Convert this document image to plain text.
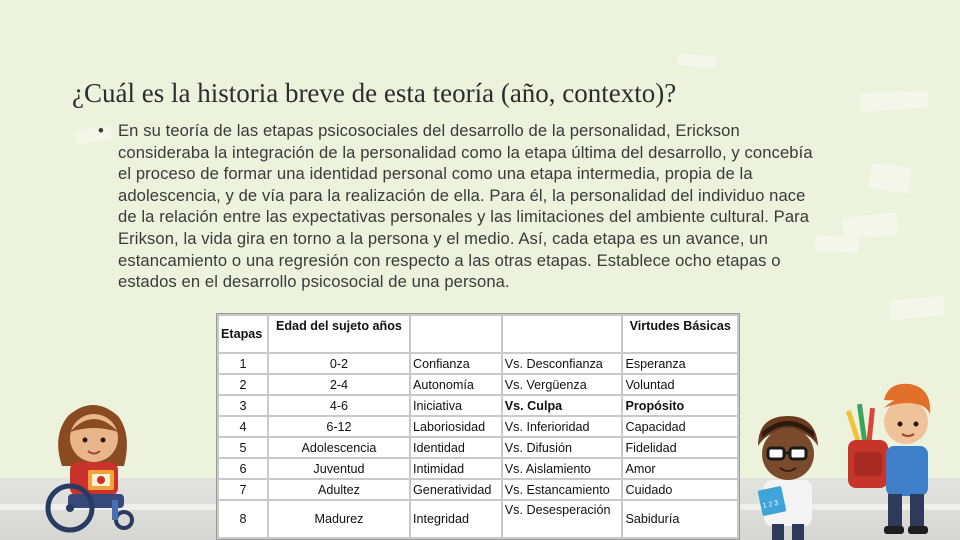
¿Cuál es la historia breve de esta teoría (año, contexto)?
• En su teoría de las etapas psicosociales del desarrollo de la personalidad, Erickson consideraba la integración de la personalidad como la etapa última del desarrollo, y concebía el proceso de formar una identidad personal como una etapa intermedia, propia de la adolescencia, y de vía para la realización de ella. Para él, la personalidad del individuo nace de la relación entre las expectativas personales y las limitaciones del ambiente cultural. Para Erikson, la vida gira en torno a la persona y el medio. Así, cada etapa es un avance, un estancamiento o una regresión con respecto a las otras etapas. Establece ocho etapas o estados en el desarrollo psicosocial de una persona.
Etapas	Edad del sujeto años			Virtudes Básicas
1	0-2	Confianza	Vs. Desconfianza	Esperanza
2	2-4	Autonomía	Vs. Vergüenza	Voluntad
3	4-6	Iniciativa	Vs. Culpa	Propósito
4	6-12	Laboriosidad	Vs. Inferioridad	Capacidad
5	Adolescencia	Identidad	Vs. Difusión	Fidelidad
6	Juventud	Intimidad	Vs. Aislamiento	Amor
7	Adultez	Generatividad	Vs. Estancamiento	Cuidado
8	Madurez	Integridad	Vs. Desesperación	Sabiduría
1 2 3
